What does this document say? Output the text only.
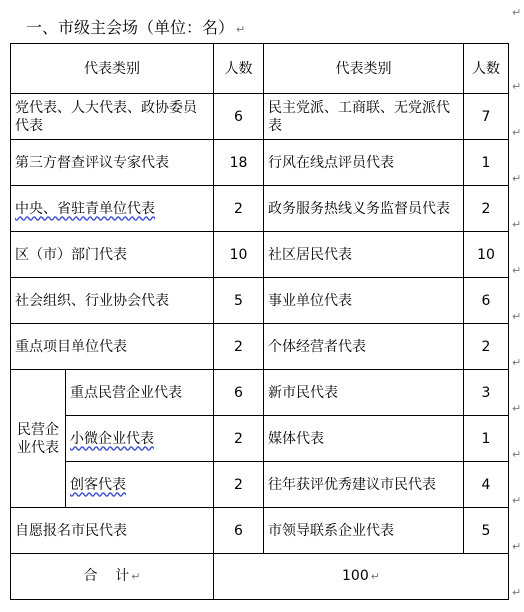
一、市级主会场（单位：名） ↵
代表类别		人数	代表类别	人数
党代表、人大代表、政协委员代表		6	民主党派、工商联、无党派代表	7
第三方督查评议专家代表		18	行风在线点评员代表	1
中央、省驻青单位代表		2	政务服务热线义务监督员代表	2
区（市）部门代表		10	社区居民代表	10
社会组织、行业协会代表		5	事业单位代表	6
重点项目单位代表		2	个体经营者代表	2
民营企业代表	重点民营企业代表	6	新市民代表	3
	小微企业代表	2	媒体代表	1
	创客代表	2	往年获评优秀建议市民代表	4
自愿报名市民代表		6	市领导联系企业代表	5
合    计 ↵		100 ↵		
↵
↵
↵
↵
↵
↵
↵
↵
↵
↵
↵
↵
↵
